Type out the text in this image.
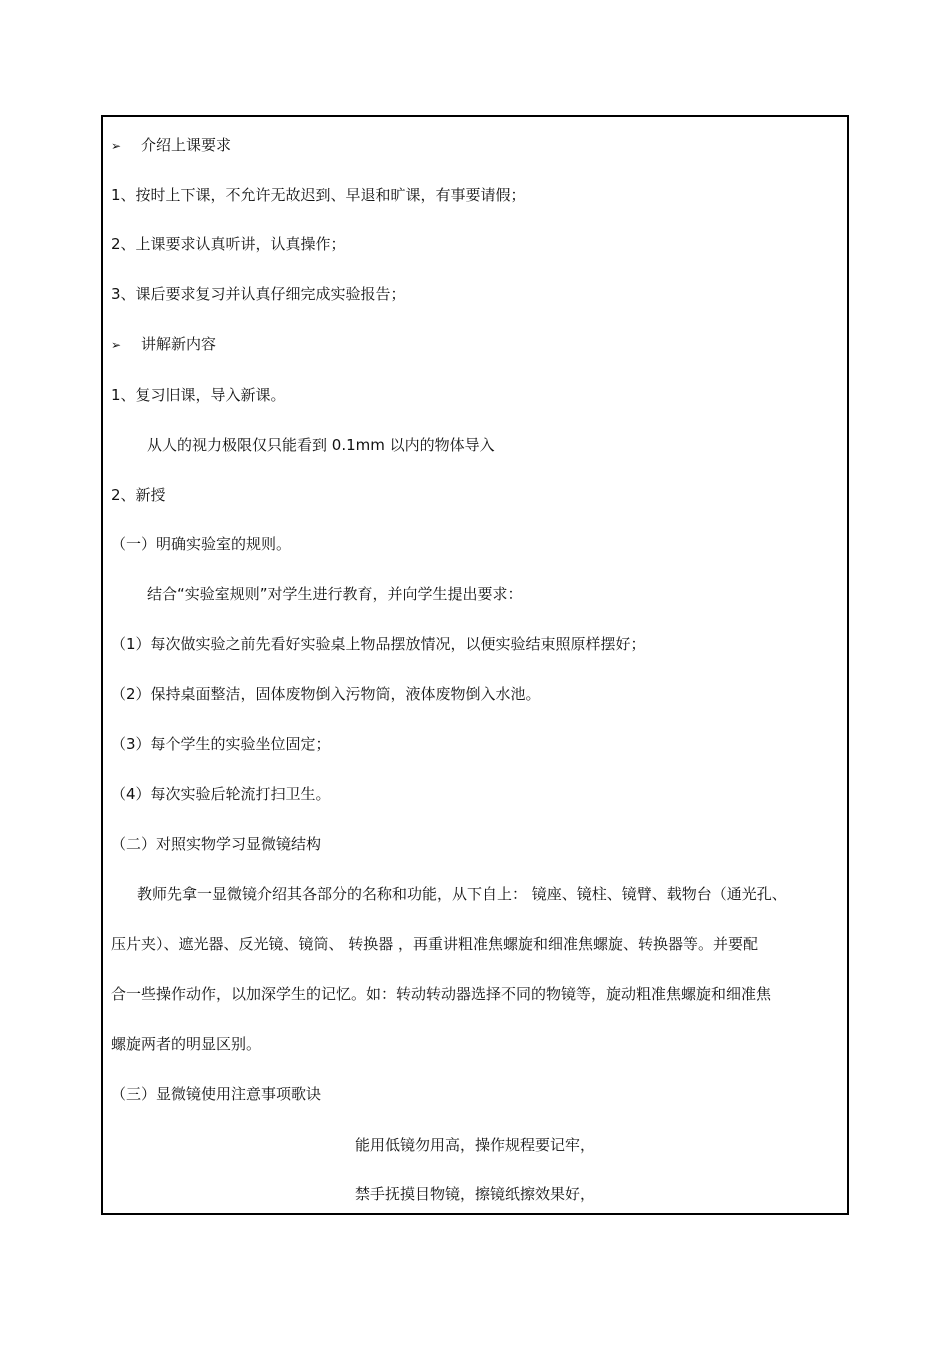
➢ 介绍上课要求
1、按时上下课，不允许无故迟到、早退和旷课，有事要请假；
2、上课要求认真听讲，认真操作；
3、课后要求复习并认真仔细完成实验报告；
➢ 讲解新内容
1、复习旧课，导入新课。
从人的视力极限仅只能看到 0.1mm 以内的物体导入
2、新授
（一）明确实验室的规则。
结合“实验室规则”对学生进行教育，并向学生提出要求：
（1）每次做实验之前先看好实验桌上物品摆放情况，以便实验结束照原样摆好；
（2）保持桌面整洁，固体废物倒入污物筒，液体废物倒入水池。
（3）每个学生的实验坐位固定；
（4）每次实验后轮流打扫卫生。
（二）对照实物学习显微镜结构
教师先拿一显微镜介绍其各部分的名称和功能，从下自上： 镜座、镜柱、镜臂、载物台（通光孔、
压片夹）、遮光器、反光镜、镜筒、 转换器 ，再重讲粗准焦螺旋和细准焦螺旋、转换器等。并要配
合一些操作动作，以加深学生的记忆。如：转动转动器选择不同的物镜等，旋动粗准焦螺旋和细准焦
螺旋两者的明显区别。
（三）显微镜使用注意事项歌诀
能用低镜勿用高，操作规程要记牢，
禁手抚摸目物镜，擦镜纸擦效果好，
